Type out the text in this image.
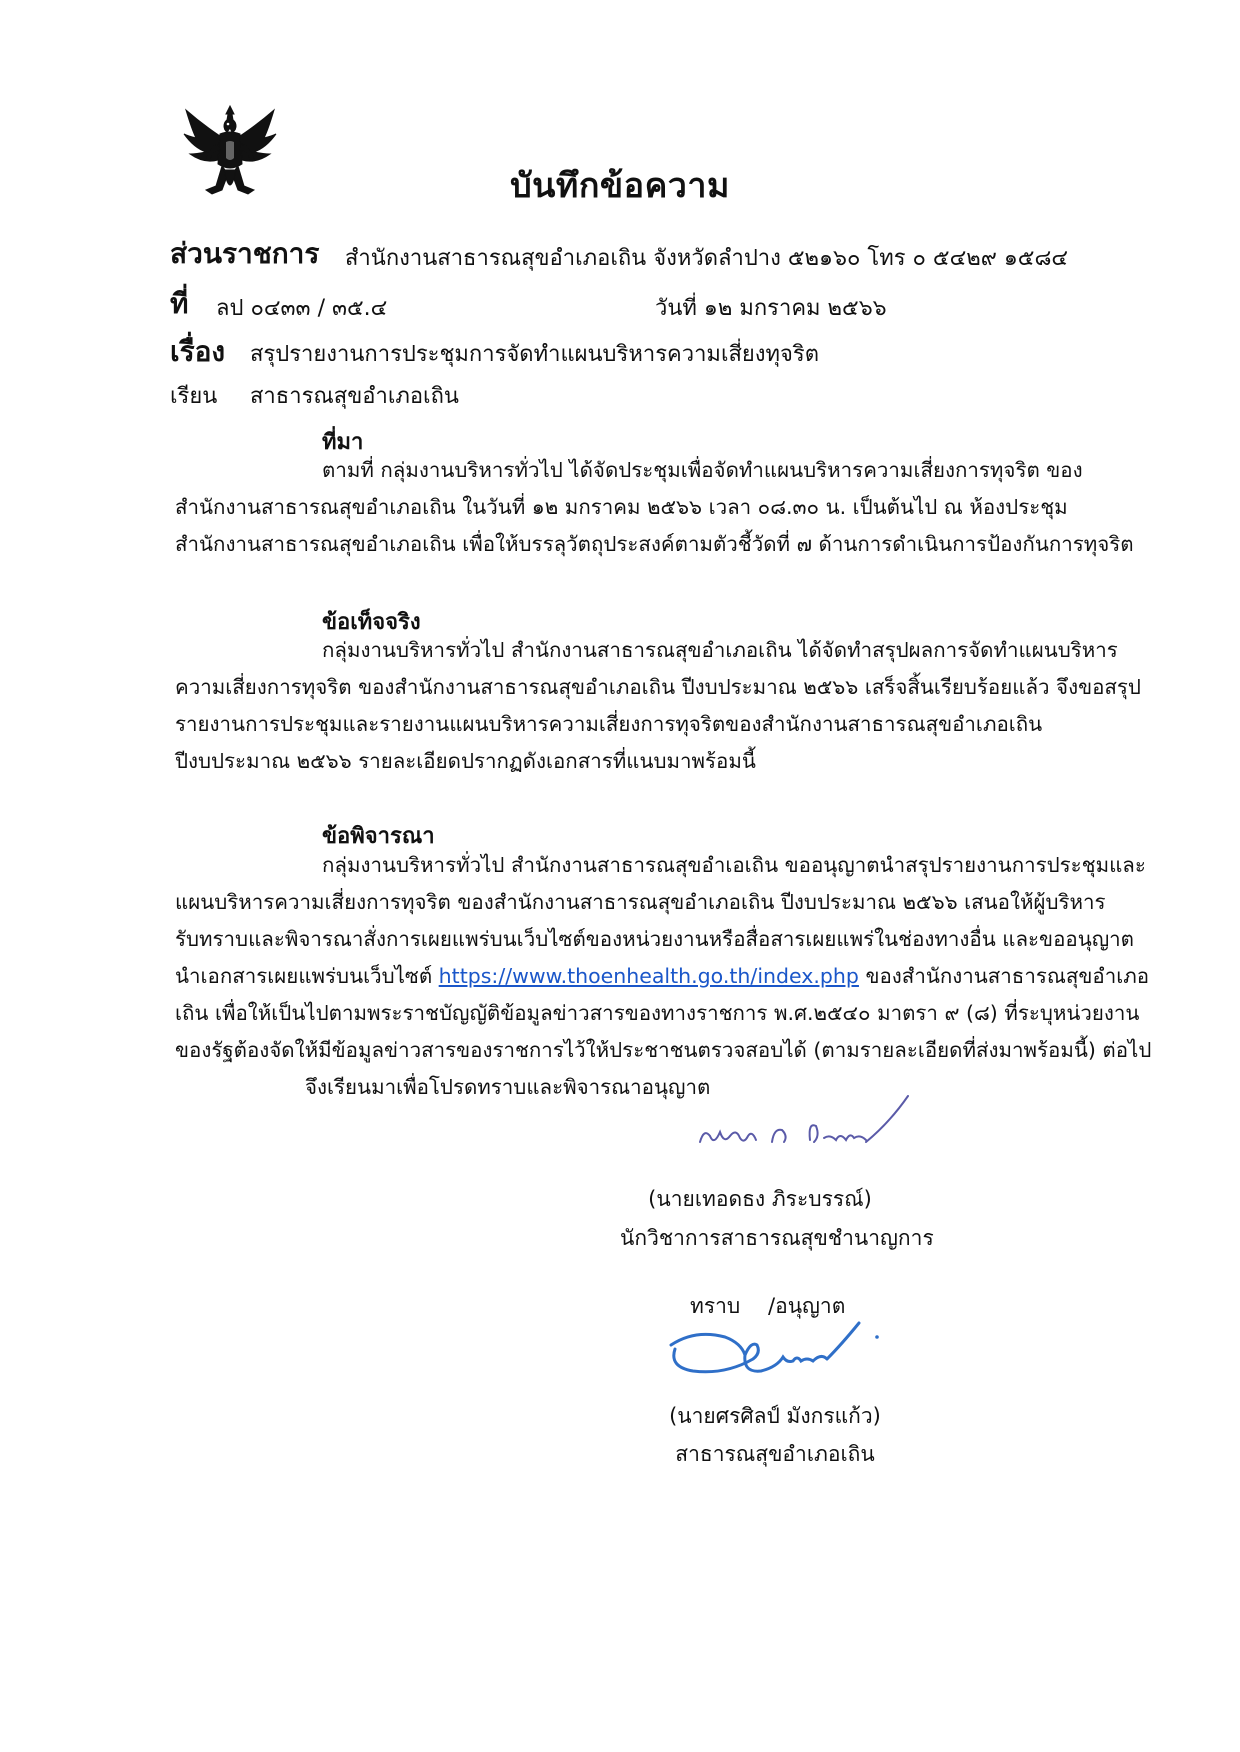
บันทึกข้อความ
ส่วนราชการ สำนักงานสาธารณสุขอำเภอเถิน จังหวัดลำปาง ๕๒๑๖๐ โทร ๐ ๕๔๒๙ ๑๕๘๔
ที่ ลป ๐๔๓๓ / ๓๕.๔	วันที่ ๑๒ มกราคม ๒๕๖๖
เรื่อง สรุปรายงานการประชุมการจัดทำแผนบริหารความเสี่ยงทุจริต
เรียน สาธารณสุขอำเภอเถิน
ที่มา
ตามที่ กลุ่มงานบริหารทั่วไป ได้จัดประชุมเพื่อจัดทำแผนบริหารความเสี่ยงการทุจริต ของ
สำนักงานสาธารณสุขอำเภอเถิน ในวันที่ ๑๒ มกราคม ๒๕๖๖ เวลา ๐๘.๓๐ น. เป็นต้นไป ณ ห้องประชุม
สำนักงานสาธารณสุขอำเภอเถิน เพื่อให้บรรลุวัตถุประสงค์ตามตัวชี้วัดที่ ๗ ด้านการดำเนินการป้องกันการทุจริต
ข้อเท็จจริง
กลุ่มงานบริหารทั่วไป สำนักงานสาธารณสุขอำเภอเถิน ได้จัดทำสรุปผลการจัดทำแผนบริหาร
ความเสี่ยงการทุจริต ของสำนักงานสาธารณสุขอำเภอเถิน ปีงบประมาณ ๒๕๖๖ เสร็จสิ้นเรียบร้อยแล้ว จึงขอสรุป
รายงานการประชุมและรายงานแผนบริหารความเสี่ยงการทุจริตของสำนักงานสาธารณสุขอำเภอเถิน
ปีงบประมาณ ๒๕๖๖ รายละเอียดปรากฏดังเอกสารที่แนบมาพร้อมนี้
ข้อพิจารณา
กลุ่มงานบริหารทั่วไป สำนักงานสาธารณสุขอำเอเถิน ขออนุญาตนำสรุปรายงานการประชุมและ
แผนบริหารความเสี่ยงการทุจริต ของสำนักงานสาธารณสุขอำเภอเถิน ปีงบประมาณ ๒๕๖๖ เสนอให้ผู้บริหาร
รับทราบและพิจารณาสั่งการเผยแพร่บนเว็บไซต์ของหน่วยงานหรือสื่อสารเผยแพร่ในช่องทางอื่น และขออนุญาต
นำเอกสารเผยแพร่บนเว็บไซต์ https://www.thoenhealth.go.th/index.php ของสำนักงานสาธารณสุขอำเภอ
เถิน เพื่อให้เป็นไปตามพระราชบัญญัติข้อมูลข่าวสารของทางราชการ พ.ศ.๒๕๔๐ มาตรา ๙ (๘) ที่ระบุหน่วยงาน
ของรัฐต้องจัดให้มีข้อมูลข่าวสารของราชการไว้ให้ประชาชนตรวจสอบได้ (ตามรายละเอียดที่ส่งมาพร้อมนี้) ต่อไป
จึงเรียนมาเพื่อโปรดทราบและพิจารณาอนุญาต
(นายเทอดธง ภิระบรรณ์)
นักวิชาการสาธารณสุขชำนาญการ
ทราบ /อนุญาต
(นายศรศิลป์ มังกรแก้ว)
สาธารณสุขอำเภอเถิน
